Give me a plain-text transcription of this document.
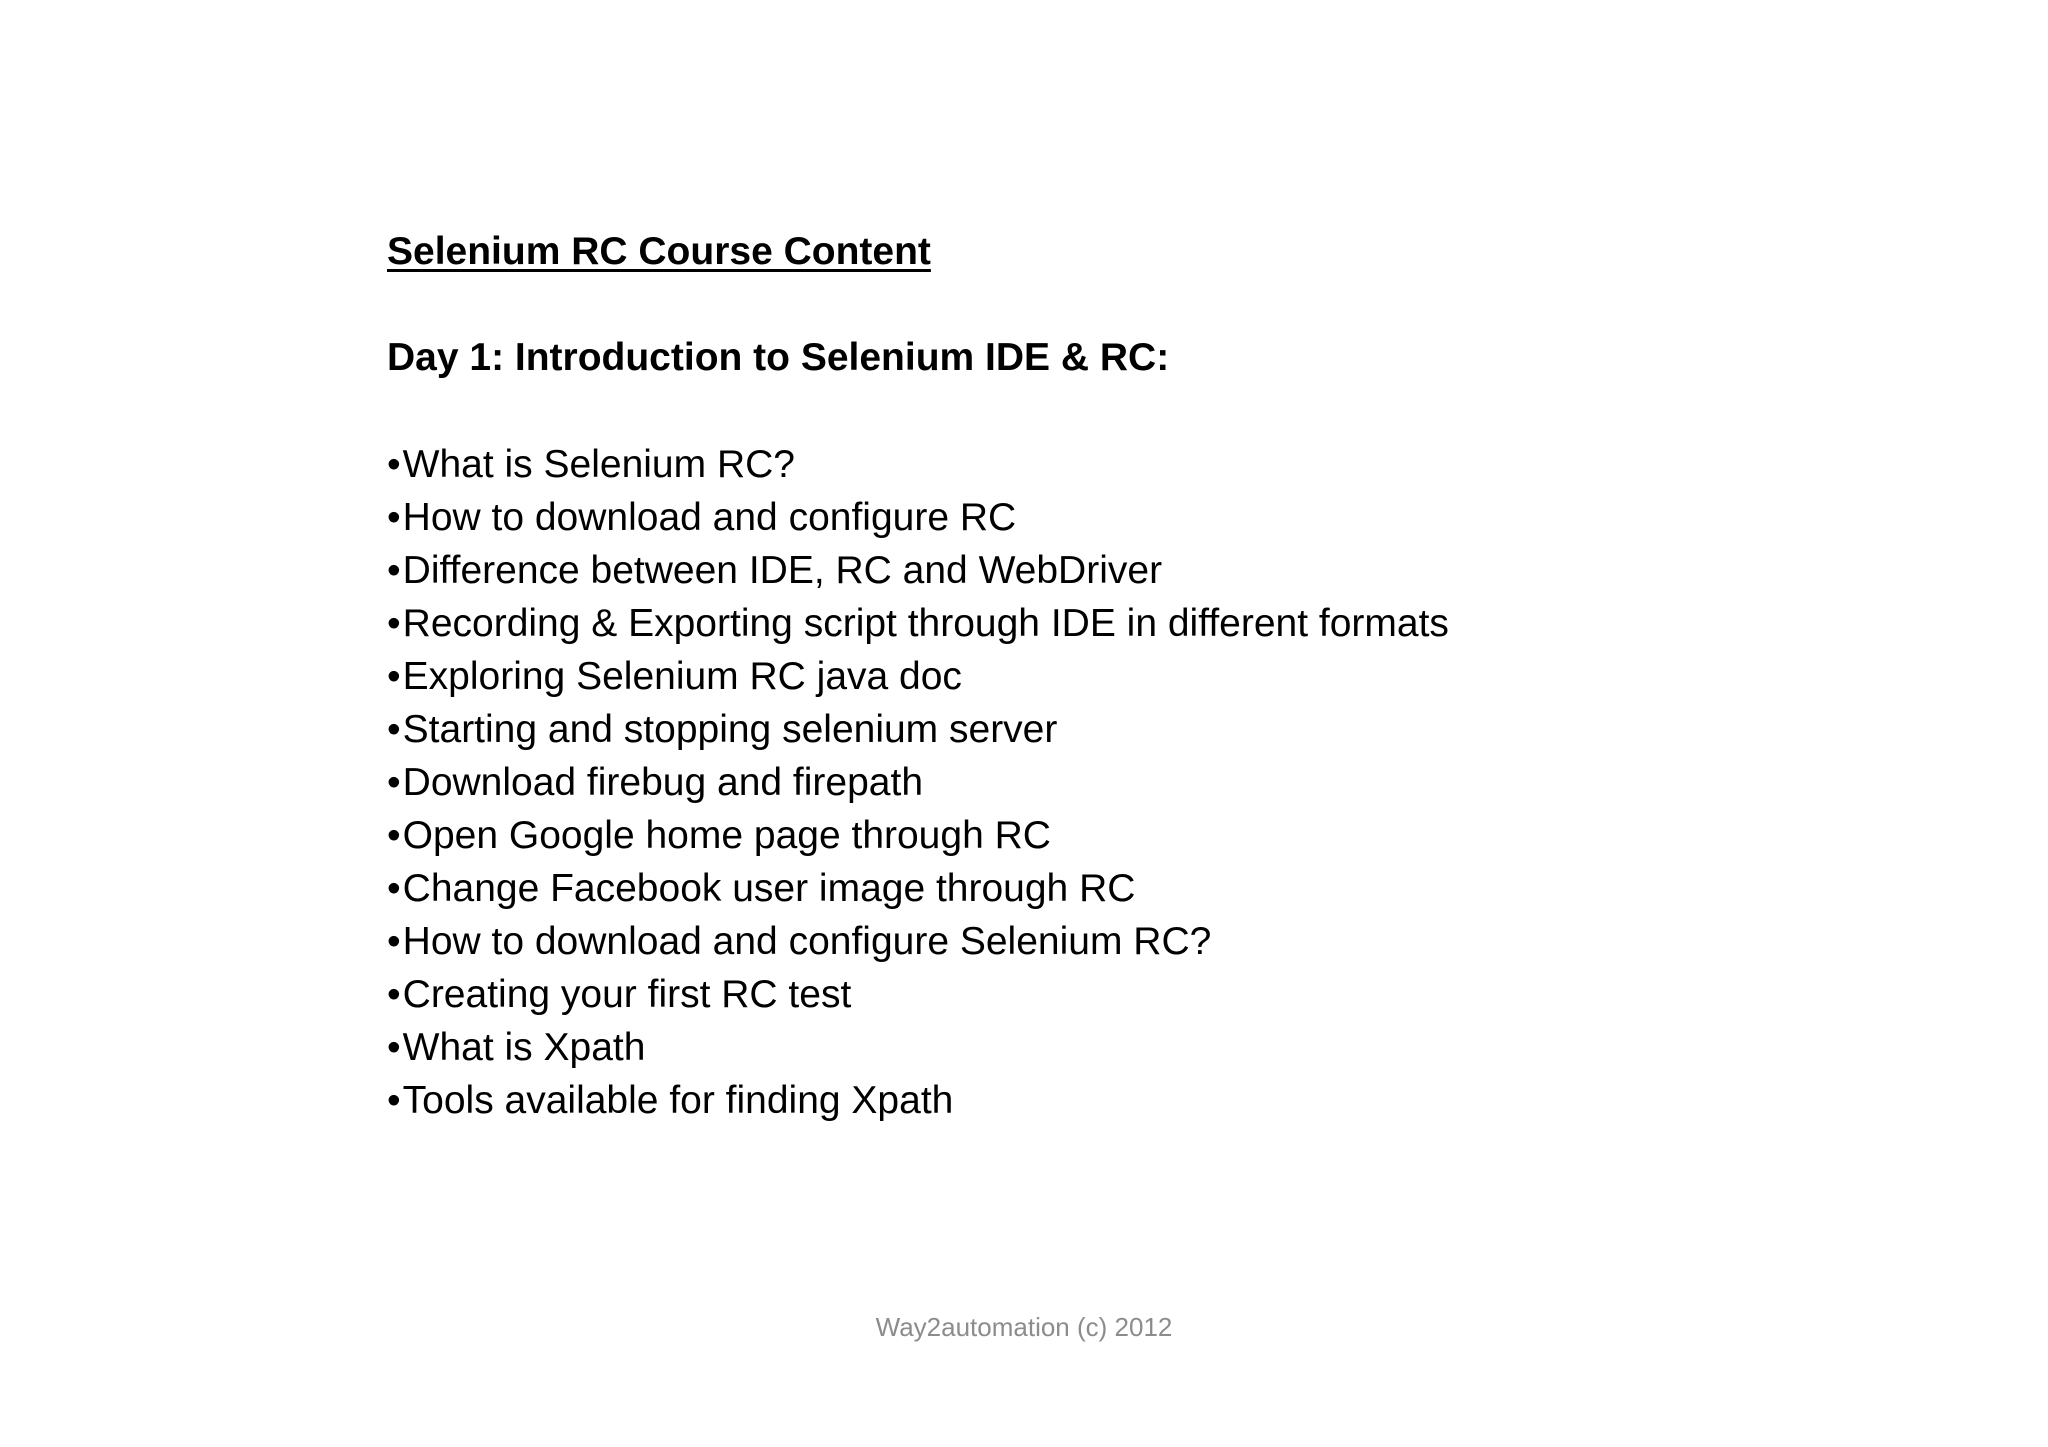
Selenium RC Course Content
Day 1: Introduction to Selenium IDE & RC:
•What is Selenium RC?
•How to download and configure RC
•Difference between IDE, RC and WebDriver
•Recording & Exporting script through IDE in different formats
•Exploring Selenium RC java doc
•Starting and stopping selenium server
•Download firebug and firepath
•Open Google home page through RC
•Change Facebook user image through RC
•How to download and configure Selenium RC?
•Creating your first RC test
•What is Xpath
•Tools available for finding Xpath
Way2automation (c) 2012
